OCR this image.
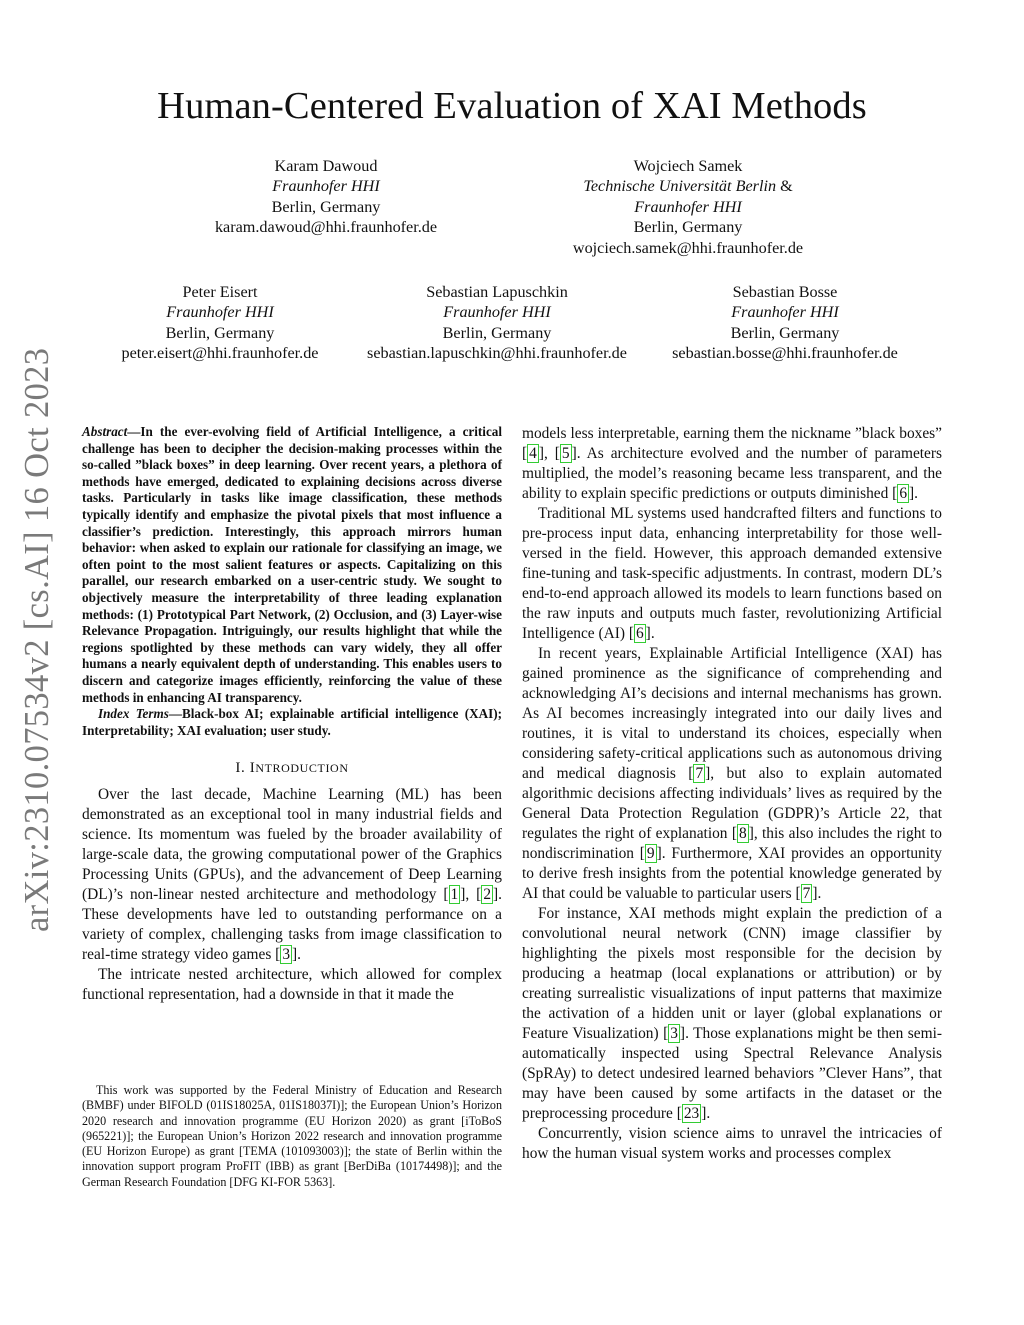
Human-Centered Evaluation of XAI Methods
Karam Dawoud
Fraunhofer HHI
Berlin, Germany
karam.dawoud@hhi.fraunhofer.de
Wojciech Samek
Technische Universität Berlin &
Fraunhofer HHI
Berlin, Germany
wojciech.samek@hhi.fraunhofer.de
Peter Eisert
Fraunhofer HHI
Berlin, Germany
peter.eisert@hhi.fraunhofer.de
Sebastian Lapuschkin
Fraunhofer HHI
Berlin, Germany
sebastian.lapuschkin@hhi.fraunhofer.de
Sebastian Bosse
Fraunhofer HHI
Berlin, Germany
sebastian.bosse@hhi.fraunhofer.de
arXiv:2310.07534v2 [cs.AI] 16 Oct 2023 Abstract—In the ever-evolving field of Artificial Intelligence, a critical challenge has been to decipher the decision-making processes within the so-called ”black boxes” in deep learning. Over recent years, a plethora of methods have emerged, dedicated to explaining decisions across diverse tasks. Particularly in tasks like image classification, these methods typically identify and emphasize the pivotal pixels that most influence a classifier’s prediction. Interestingly, this approach mirrors human behavior: when asked to explain our rationale for classifying an image, we often point to the most salient features or aspects. Capitalizing on this parallel, our research embarked on a user-centric study. We sought to objectively measure the interpretability of three leading explanation methods: (1) Prototypical Part Network, (2) Occlusion, and (3) Layer-wise Relevance Propagation. Intriguingly, our results highlight that while the regions spotlighted by these methods can vary widely, they all offer humans a nearly equivalent depth of understanding. This enables users to discern and categorize images efficiently, reinforcing the value of these methods in enhancing AI transparency.

Index Terms—Black-box AI; explainable artificial intelligence (XAI); Interpretability; XAI evaluation; user study.

I. INTRODUCTION

Over the last decade, Machine Learning (ML) has been demonstrated as an exceptional tool in many industrial fields and science. Its momentum was fueled by the broader availability of large-scale data, the growing computational power of the Graphics Processing Units (GPUs), and the advancement of Deep Learning (DL)’s non-linear nested architecture and methodology [ 1 ], [ 2 ]. These developments have led to outstanding performance on a variety of complex, challenging tasks from image classification to real-time strategy video games [ 3 ].

The intricate nested architecture, which allowed for complex functional representation, had a downside in that it made the

This work was supported by the Federal Ministry of Education and Research (BMBF) under BIFOLD (01IS18025A, 01IS18037I)]; the European Union’s Horizon 2020 research and innovation programme (EU Horizon 2020) as grant [iToBoS (965221)]; the European Union’s Horizon 2022 research and innovation programme (EU Horizon Europe) as grant [TEMA (101093003)]; the state of Berlin within the innovation support program ProFIT (IBB) as grant [BerDiBa (10174498)]; and the German Research Foundation [DFG KI-FOR 5363].

models less interpretable, earning them the nickname ”black boxes” [ 4 ], [ 5 ]. As architecture evolved and the number of parameters multiplied, the model’s reasoning became less transparent, and the ability to explain specific predictions or outputs diminished [ 6 ].

Traditional ML systems used handcrafted filters and functions to pre-process input data, enhancing interpretability for those well-versed in the field. However, this approach demanded extensive fine-tuning and task-specific adjustments. In contrast, modern DL’s end-to-end approach allowed its models to learn functions based on the raw inputs and outputs much faster, revolutionizing Artificial Intelligence (AI) [ 6 ].

In recent years, Explainable Artificial Intelligence (XAI) has gained prominence as the significance of comprehending and acknowledging AI’s decisions and internal mechanisms has grown. As AI becomes increasingly integrated into our daily lives and routines, it is vital to understand its choices, especially when considering safety-critical applications such as autonomous driving and medical diagnosis [ 7 ], but also to explain automated algorithmic decisions affecting individuals’ lives as required by the General Data Protection Regulation (GDPR)’s Article 22, that regulates the right of explanation [ 8 ], this also includes the right to nondiscrimination [ 9 ]. Furthermore, XAI provides an opportunity to derive fresh insights from the potential knowledge generated by AI that could be valuable to particular users [ 7 ].

For instance, XAI methods might explain the prediction of a convolutional neural network (CNN) image classifier by highlighting the pixels most responsible for the decision by producing a heatmap (local explanations or attribution) or by creating surrealistic visualizations of input patterns that maximize the activation of a hidden unit or layer (global explanations or Feature Visualization) [ 3 ]. Those explanations might be then semi-automatically inspected using Spectral Relevance Analysis (SpRAy) to detect undesired learned behaviors ”Clever Hans”, that may have been caused by some artifacts in the dataset or the preprocessing procedure [ 23 ].

Concurrently, vision science aims to unravel the intricacies of how the human visual system works and processes complex
